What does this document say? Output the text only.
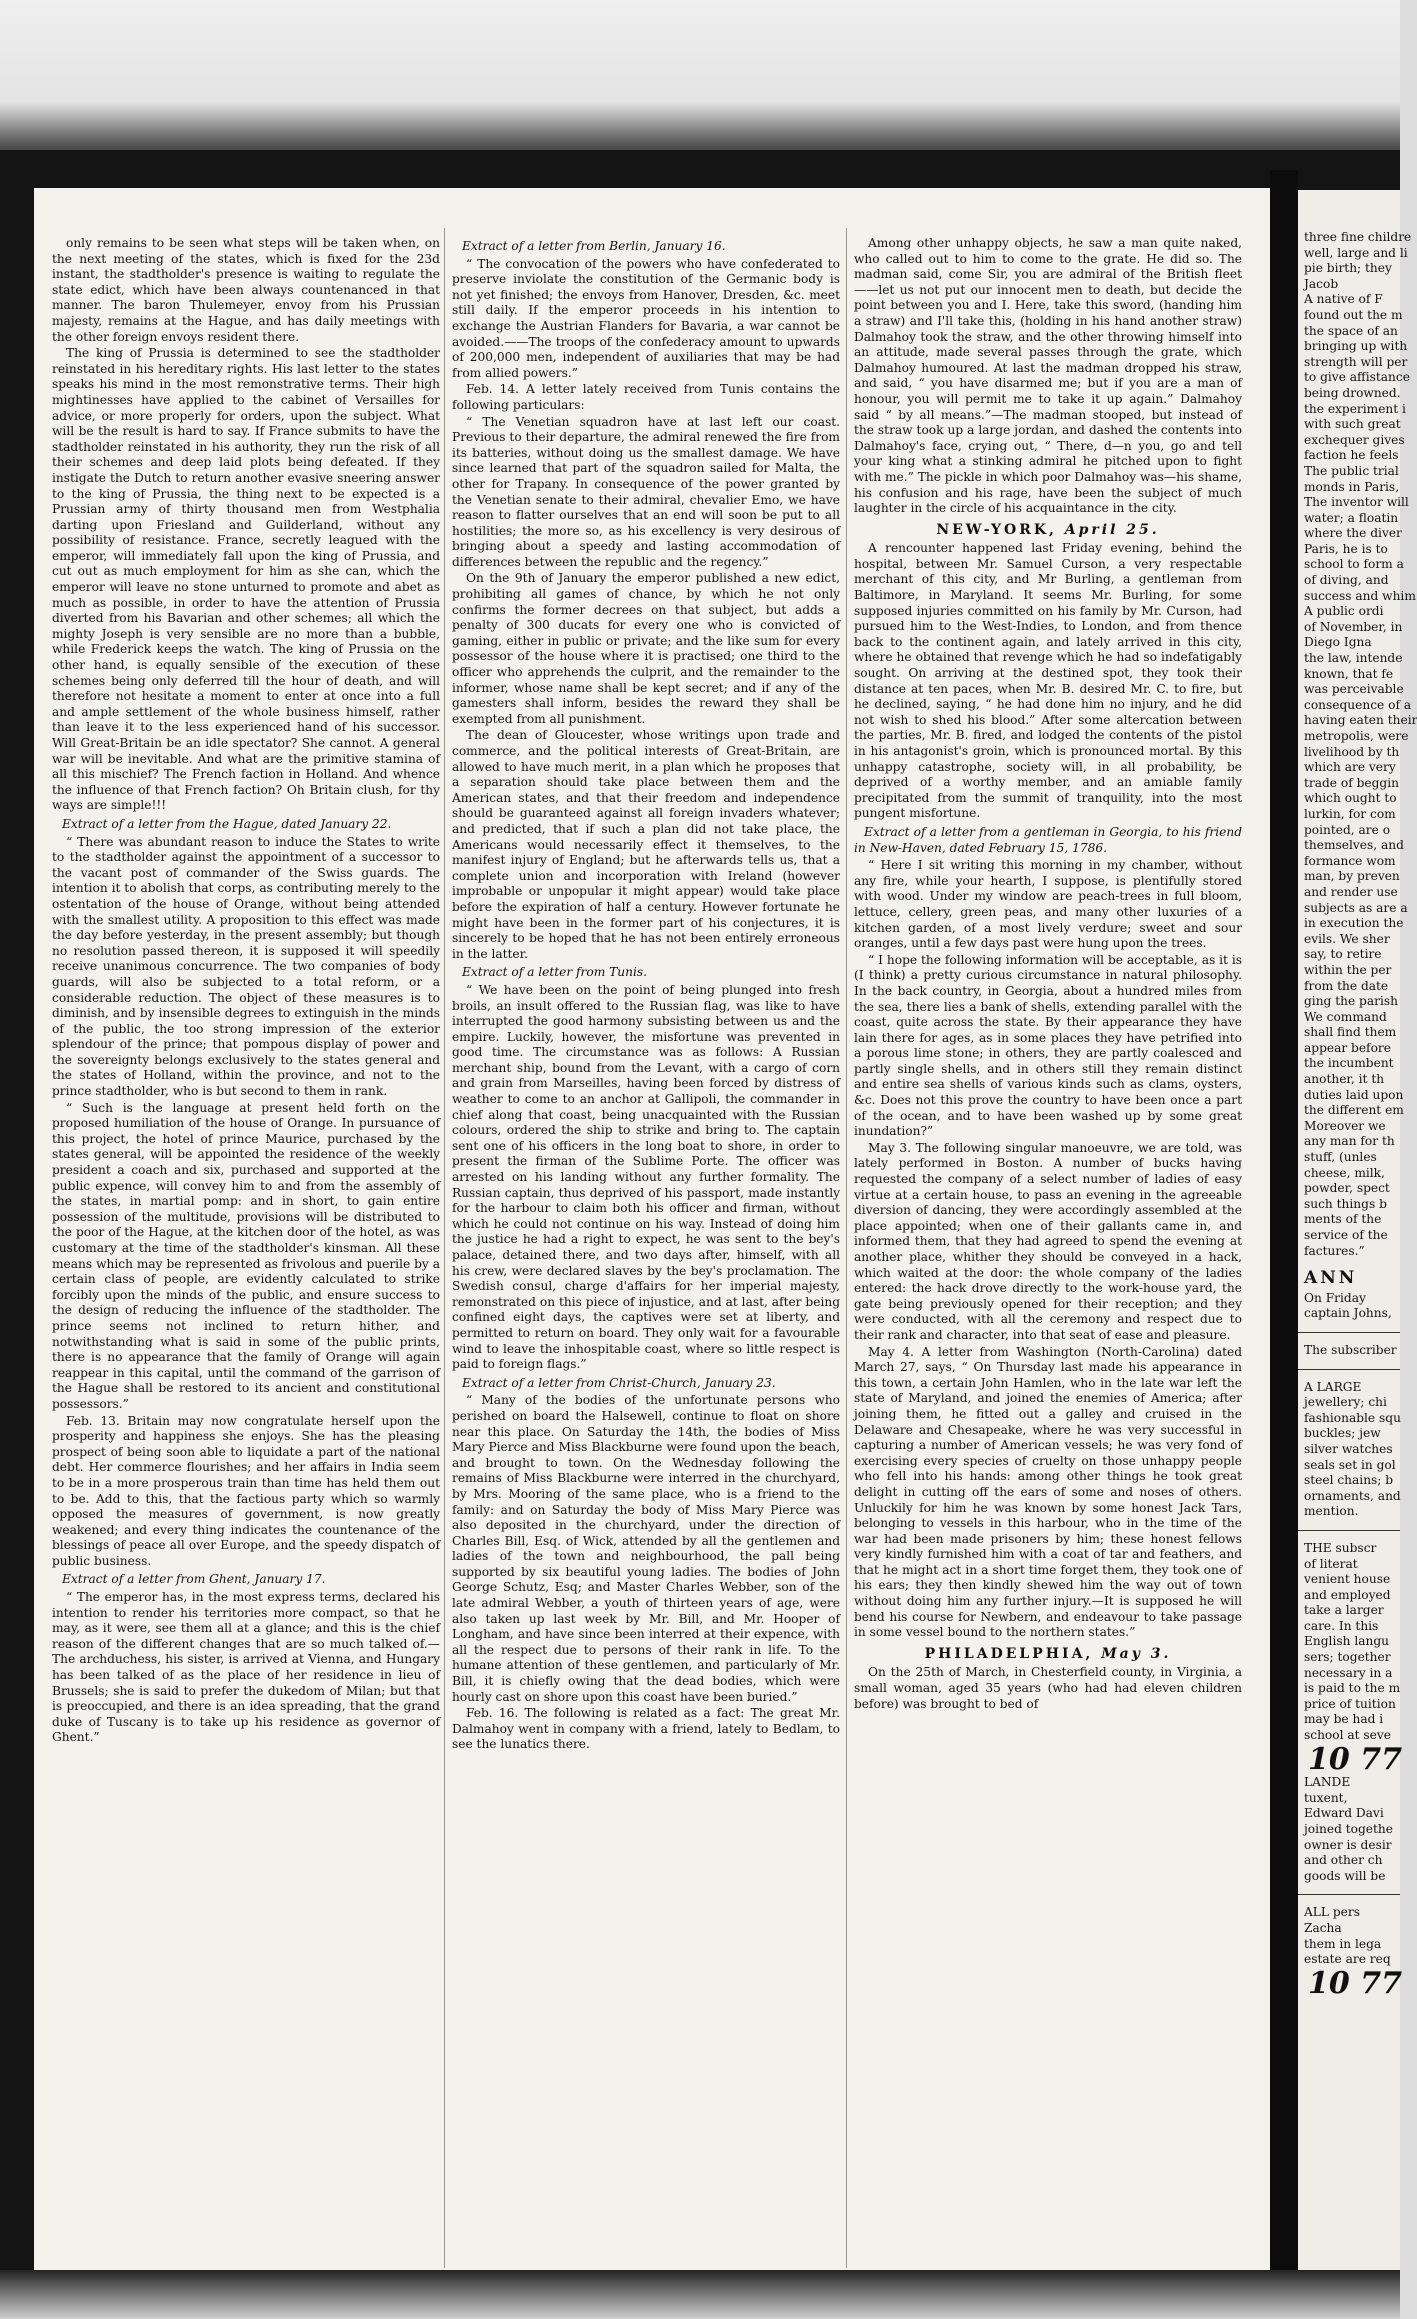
only remains to be seen what steps will be taken when, on the next meeting of the states, which is fixed for the 23d instant, the stadtholder's presence is waiting to regulate the state edict, which have been always countenanced in that manner. The baron Thulemeyer, envoy from his Prussian majesty, remains at the Hague, and has daily meetings with the other foreign envoys resident there.

The king of Prussia is determined to see the stadtholder reinstated in his hereditary rights. His last letter to the states speaks his mind in the most remonstrative terms. Their high mightinesses have applied to the cabinet of Versailles for advice, or more properly for orders, upon the subject. What will be the result is hard to say. If France submits to have the stadtholder reinstated in his authority, they run the risk of all their schemes and deep laid plots being defeated. If they instigate the Dutch to return another evasive sneering answer to the king of Prussia, the thing next to be expected is a Prussian army of thirty thousand men from Westphalia darting upon Friesland and Guilderland, without any possibility of resistance. France, secretly leagued with the emperor, will immediately fall upon the king of Prussia, and cut out as much employment for him as she can, which the emperor will leave no stone unturned to promote and abet as much as possible, in order to have the attention of Prussia diverted from his Bavarian and other schemes; all which the mighty Joseph is very sensible are no more than a bubble, while Frederick keeps the watch. The king of Prussia on the other hand, is equally sensible of the execution of these schemes being only deferred till the hour of death, and will therefore not hesitate a moment to enter at once into a full and ample settlement of the whole business himself, rather than leave it to the less experienced hand of his successor. Will Great-Britain be an idle spectator? She cannot. A general war will be inevitable. And what are the primitive stamina of all this mischief? The French faction in Holland. And whence the influence of that French faction? Oh Britain clush, for thy ways are simple!!!

Extract of a letter from the Hague, dated January 22.

“ There was abundant reason to induce the States to write to the stadtholder against the appointment of a successor to the vacant post of commander of the Swiss guards. The intention it to abolish that corps, as contributing merely to the ostentation of the house of Orange, without being attended with the smallest utility. A proposition to this effect was made the day before yesterday, in the present assembly; but though no resolution passed thereon, it is supposed it will speedily receive unanimous concurrence. The two companies of body guards, will also be subjected to a total reform, or a considerable reduction. The object of these measures is to diminish, and by insensible degrees to extinguish in the minds of the public, the too strong impression of the exterior splendour of the prince; that pompous display of power and the sovereignty belongs exclusively to the states general and the states of Holland, within the province, and not to the prince stadtholder, who is but second to them in rank.

“ Such is the language at present held forth on the proposed humiliation of the house of Orange. In pursuance of this project, the hotel of prince Maurice, purchased by the states general, will be appointed the residence of the weekly president a coach and six, purchased and supported at the public expence, will convey him to and from the assembly of the states, in martial pomp: and in short, to gain entire possession of the multitude, provisions will be distributed to the poor of the Hague, at the kitchen door of the hotel, as was customary at the time of the stadtholder's kinsman. All these means which may be represented as frivolous and puerile by a certain class of people, are evidently calculated to strike forcibly upon the minds of the public, and ensure success to the design of reducing the influence of the stadtholder. The prince seems not inclined to return hither, and notwithstanding what is said in some of the public prints, there is no appearance that the family of Orange will again reappear in this capital, until the command of the garrison of the Hague shall be restored to its ancient and constitutional possessors.”

Feb. 13. Britain may now congratulate herself upon the prosperity and happiness she enjoys. She has the pleasing prospect of being soon able to liquidate a part of the national debt. Her commerce flourishes; and her affairs in India seem to be in a more prosperous train than time has held them out to be. Add to this, that the factious party which so warmly opposed the measures of government, is now greatly weakened; and every thing indicates the countenance of the blessings of peace all over Europe, and the speedy dispatch of public business.

Extract of a letter from Ghent, January 17.

“ The emperor has, in the most express terms, declared his intention to render his territories more compact, so that he may, as it were, see them all at a glance; and this is the chief reason of the different changes that are so much talked of.—The archduchess, his sister, is arrived at Vienna, and Hungary has been talked of as the place of her residence in lieu of Brussels; she is said to prefer the dukedom of Milan; but that is preoccupied, and there is an idea spreading, that the grand duke of Tuscany is to take up his residence as governor of Ghent.”

Extract of a letter from Berlin, January 16.

“ The convocation of the powers who have confederated to preserve inviolate the constitution of the Germanic body is not yet finished; the envoys from Hanover, Dresden, &c. meet still daily. If the emperor proceeds in his intention to exchange the Austrian Flanders for Bavaria, a war cannot be avoided.——The troops of the confederacy amount to upwards of 200,000 men, independent of auxiliaries that may be had from allied powers.”

Feb. 14. A letter lately received from Tunis contains the following particulars:

“ The Venetian squadron have at last left our coast. Previous to their departure, the admiral renewed the fire from its batteries, without doing us the smallest damage. We have since learned that part of the squadron sailed for Malta, the other for Trapany. In consequence of the power granted by the Venetian senate to their admiral, chevalier Emo, we have reason to flatter ourselves that an end will soon be put to all hostilities; the more so, as his excellency is very desirous of bringing about a speedy and lasting accommodation of differences between the republic and the regency.”

On the 9th of January the emperor published a new edict, prohibiting all games of chance, by which he not only confirms the former decrees on that subject, but adds a penalty of 300 ducats for every one who is convicted of gaming, either in public or private; and the like sum for every possessor of the house where it is practised; one third to the officer who apprehends the culprit, and the remainder to the informer, whose name shall be kept secret; and if any of the gamesters shall inform, besides the reward they shall be exempted from all punishment.

The dean of Gloucester, whose writings upon trade and commerce, and the political interests of Great-Britain, are allowed to have much merit, in a plan which he proposes that a separation should take place between them and the American states, and that their freedom and independence should be guaranteed against all foreign invaders whatever; and predicted, that if such a plan did not take place, the Americans would necessarily effect it themselves, to the manifest injury of England; but he afterwards tells us, that a complete union and incorporation with Ireland (however improbable or unpopular it might appear) would take place before the expiration of half a century. However fortunate he might have been in the former part of his conjectures, it is sincerely to be hoped that he has not been entirely erroneous in the latter.

Extract of a letter from Tunis.

“ We have been on the point of being plunged into fresh broils, an insult offered to the Russian flag, was like to have interrupted the good harmony subsisting between us and the empire. Luckily, however, the misfortune was prevented in good time. The circumstance was as follows: A Russian merchant ship, bound from the Levant, with a cargo of corn and grain from Marseilles, having been forced by distress of weather to come to an anchor at Gallipoli, the commander in chief along that coast, being unacquainted with the Russian colours, ordered the ship to strike and bring to. The captain sent one of his officers in the long boat to shore, in order to present the firman of the Sublime Porte. The officer was arrested on his landing without any further formality. The Russian captain, thus deprived of his passport, made instantly for the harbour to claim both his officer and firman, without which he could not continue on his way. Instead of doing him the justice he had a right to expect, he was sent to the bey's palace, detained there, and two days after, himself, with all his crew, were declared slaves by the bey's proclamation. The Swedish consul, charge d'affairs for her imperial majesty, remonstrated on this piece of injustice, and at last, after being confined eight days, the captives were set at liberty, and permitted to return on board. They only wait for a favourable wind to leave the inhospitable coast, where so little respect is paid to foreign flags.”

Extract of a letter from Christ-Church, January 23.

“ Many of the bodies of the unfortunate persons who perished on board the Halsewell, continue to float on shore near this place. On Saturday the 14th, the bodies of Miss Mary Pierce and Miss Blackburne were found upon the beach, and brought to town. On the Wednesday following the remains of Miss Blackburne were interred in the churchyard, by Mrs. Mooring of the same place, who is a friend to the family: and on Saturday the body of Miss Mary Pierce was also deposited in the churchyard, under the direction of Charles Bill, Esq. of Wick, attended by all the gentlemen and ladies of the town and neighbourhood, the pall being supported by six beautiful young ladies. The bodies of John George Schutz, Esq; and Master Charles Webber, son of the late admiral Webber, a youth of thirteen years of age, were also taken up last week by Mr. Bill, and Mr. Hooper of Longham, and have since been interred at their expence, with all the respect due to persons of their rank in life. To the humane attention of these gentlemen, and particularly of Mr. Bill, it is chiefly owing that the dead bodies, which were hourly cast on shore upon this coast have been buried.”

Feb. 16. The following is related as a fact: The great Mr. Dalmahoy went in company with a friend, lately to Bedlam, to see the lunatics there.

Among other unhappy objects, he saw a man quite naked, who called out to him to come to the grate. He did so. The madman said, come Sir, you are admiral of the British fleet——let us not put our innocent men to death, but decide the point between you and I. Here, take this sword, (handing him a straw) and I'll take this, (holding in his hand another straw) Dalmahoy took the straw, and the other throwing himself into an attitude, made several passes through the grate, which Dalmahoy humoured. At last the madman dropped his straw, and said, “ you have disarmed me; but if you are a man of honour, you will permit me to take it up again.” Dalmahoy said “ by all means.”—The madman stooped, but instead of the straw took up a large jordan, and dashed the contents into Dalmahoy's face, crying out, “ There, d—n you, go and tell your king what a stinking admiral he pitched upon to fight with me.” The pickle in which poor Dalmahoy was—his shame, his confusion and his rage, have been the subject of much laughter in the circle of his acquaintance in the city.

NEW-YORK, April 25.

A rencounter happened last Friday evening, behind the hospital, between Mr. Samuel Curson, a very respectable merchant of this city, and Mr Burling, a gentleman from Baltimore, in Maryland. It seems Mr. Burling, for some supposed injuries committed on his family by Mr. Curson, had pursued him to the West-Indies, to London, and from thence back to the continent again, and lately arrived in this city, where he obtained that revenge which he had so indefatigably sought. On arriving at the destined spot, they took their distance at ten paces, when Mr. B. desired Mr. C. to fire, but he declined, saying, “ he had done him no injury, and he did not wish to shed his blood.” After some altercation between the parties, Mr. B. fired, and lodged the contents of the pistol in his antagonist's groin, which is pronounced mortal. By this unhappy catastrophe, society will, in all probability, be deprived of a worthy member, and an amiable family precipitated from the summit of tranquility, into the most pungent misfortune.

Extract of a letter from a gentleman in Georgia, to his friend in New-Haven, dated February 15, 1786.

“ Here I sit writing this morning in my chamber, without any fire, while your hearth, I suppose, is plentifully stored with wood. Under my window are peach-trees in full bloom, lettuce, cellery, green peas, and many other luxuries of a kitchen garden, of a most lively verdure; sweet and sour oranges, until a few days past were hung upon the trees.

“ I hope the following information will be acceptable, as it is (I think) a pretty curious circumstance in natural philosophy. In the back country, in Georgia, about a hundred miles from the sea, there lies a bank of shells, extending parallel with the coast, quite across the state. By their appearance they have lain there for ages, as in some places they have petrified into a porous lime stone; in others, they are partly coalesced and partly single shells, and in others still they remain distinct and entire sea shells of various kinds such as clams, oysters, &c. Does not this prove the country to have been once a part of the ocean, and to have been washed up by some great inundation?”

May 3. The following singular manoeuvre, we are told, was lately performed in Boston. A number of bucks having requested the company of a select number of ladies of easy virtue at a certain house, to pass an evening in the agreeable diversion of dancing, they were accordingly assembled at the place appointed; when one of their gallants came in, and informed them, that they had agreed to spend the evening at another place, whither they should be conveyed in a hack, which waited at the door: the whole company of the ladies entered: the hack drove directly to the work-house yard, the gate being previously opened for their reception; and they were conducted, with all the ceremony and respect due to their rank and character, into that seat of ease and pleasure.

May 4. A letter from Washington (North-Carolina) dated March 27, says, “ On Thursday last made his appearance in this town, a certain John Hamlen, who in the late war left the state of Maryland, and joined the enemies of America; after joining them, he fitted out a galley and cruised in the Delaware and Chesapeake, where he was very successful in capturing a number of American vessels; he was very fond of exercising every species of cruelty on those unhappy people who fell into his hands: among other things he took great delight in cutting off the ears of some and noses of others. Unluckily for him he was known by some honest Jack Tars, belonging to vessels in this harbour, who in the time of the war had been made prisoners by him; these honest fellows very kindly furnished him with a coat of tar and feathers, and that he might act in a short time forget them, they took one of his ears; they then kindly shewed him the way out of town without doing him any further injury.—It is supposed he will bend his course for Newbern, and endeavour to take passage in some vessel bound to the northern states.”

PHILADELPHIA, May 3.

On the 25th of March, in Chesterfield county, in Virginia, a small woman, aged 35 years (who had had eleven children before) was brought to bed of

three fine childre

well, large and li

pie birth; they

Jacob

A native of F

found out the m

the space of an

bringing up with

strength will per

to give affistance

being drowned.

the experiment i

with such great

exchequer gives

faction he feels

The public trial

monds in Paris,

The inventor will

water; a floatin

where the diver

Paris, he is to

school to form a

of diving, and

success and whim

A public ordi

of November, in

Diego Igna

the law, intende

known, that fe

was perceivable

consequence of a

having eaten their

metropolis, were

livelihood by th

which are very

trade of beggin

which ought to

lurkin, for com

pointed, are o

themselves, and

formance wom

man, by preven

and render use

subjects as are a

in execution the

evils. We sher

say, to retire

within the per

from the date

ging the parish

We command

shall find them

appear before

the incumbent

another, it th

duties laid upon

the different em

Moreover we

any man for th

stuff, (unles

cheese, milk,

powder, spect

such things b

ments of the

service of the

factures.”

ANN

On Friday

captain Johns,

The subscriber

A LARGE

jewellery; chi

fashionable squ

buckles; jew

silver watches

seals set in gol

steel chains; b

ornaments, and

mention.

THE subscr

of literat

venient house

and employed

take a larger

care. In this

English langu

sers; together

necessary in a

is paid to the m

price of tuition

may be had i

school at seve

10 77

LANDE

tuxent,

Edward Davi

joined togethe

owner is desir

and other ch

goods will be

ALL pers

Zacha

them in lega

estate are req

10 77
